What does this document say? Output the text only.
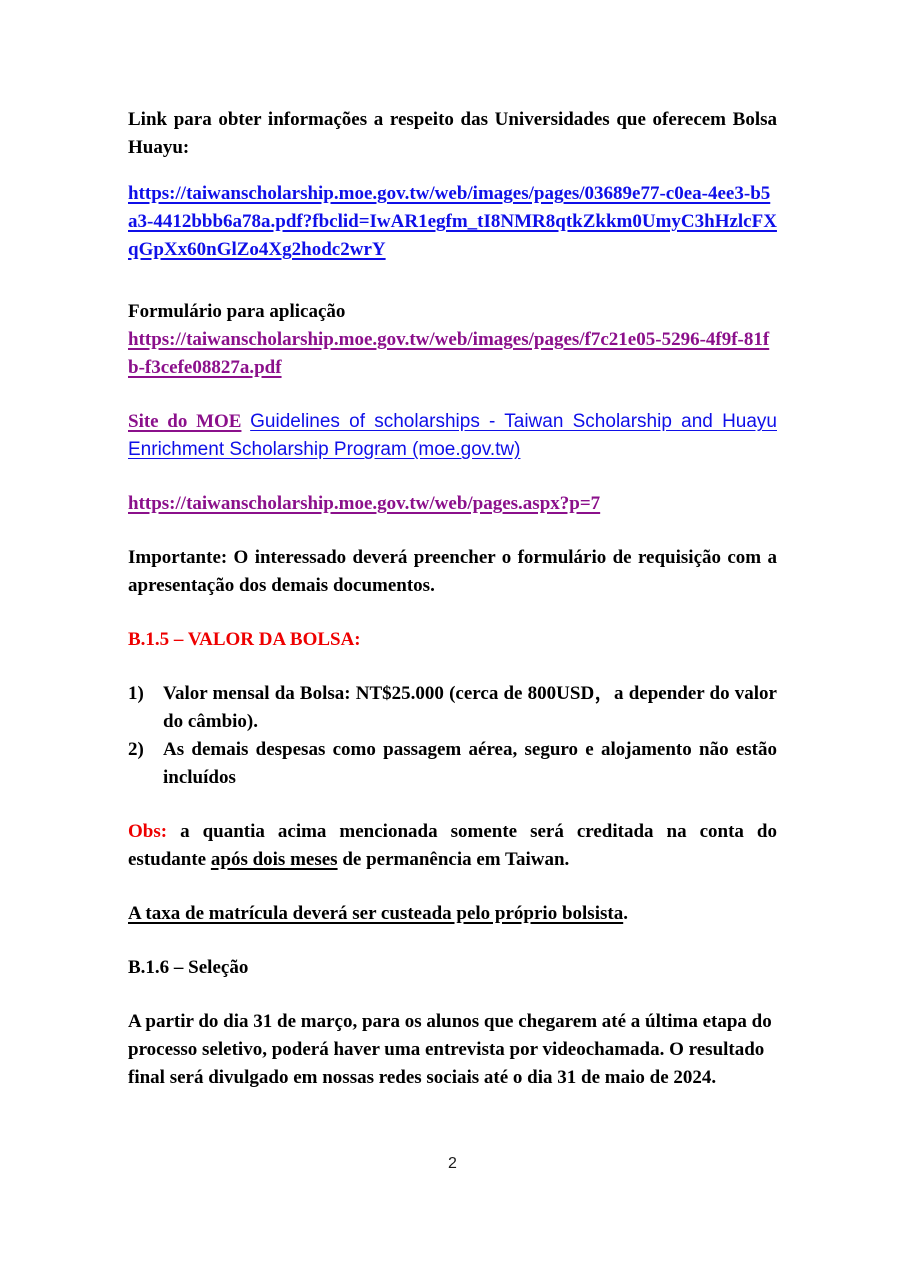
Link para obter informações a respeito das Universidades que oferecem Bolsa Huayu:

https://taiwanscholarship.moe.gov.tw/web/images/pages/03689e77-c0ea-4ee3-b5a3-4412bbb6a78a.pdf?fbclid=IwAR1egfm_tI8NMR8qtkZkkm0UmyC3hHzlcFXqGpXx60nGlZo4Xg2hodc2wrY

Formulário para aplicação
https://taiwanscholarship.moe.gov.tw/web/images/pages/f7c21e05-5296-4f9f-81fb-f3cefe08827a.pdf

Site do MOE Guidelines of scholarships - Taiwan Scholarship and Huayu Enrichment Scholarship Program (moe.gov.tw)

https://taiwanscholarship.moe.gov.tw/web/pages.aspx?p=7

Importante: O interessado deverá preencher o formulário de requisição com a apresentação dos demais documentos.

B.1.5 – VALOR DA BOLSA:
1)	Valor mensal da Bolsa: NT$25.000 (cerca de 800USD，a depender do valor do câmbio).
2)	As demais despesas como passagem aérea, seguro e alojamento não estão incluídos

Obs: a quantia acima mencionada somente será creditada na conta do estudante após dois meses de permanência em Taiwan.

A taxa de matrícula deverá ser custeada pelo próprio bolsista.

B.1.6 – Seleção

A partir do dia 31 de março, para os alunos que chegarem até a última etapa do processo seletivo, poderá haver uma entrevista por videochamada. O resultado final será divulgado em nossas redes sociais até o dia 31 de maio de 2024.

2
